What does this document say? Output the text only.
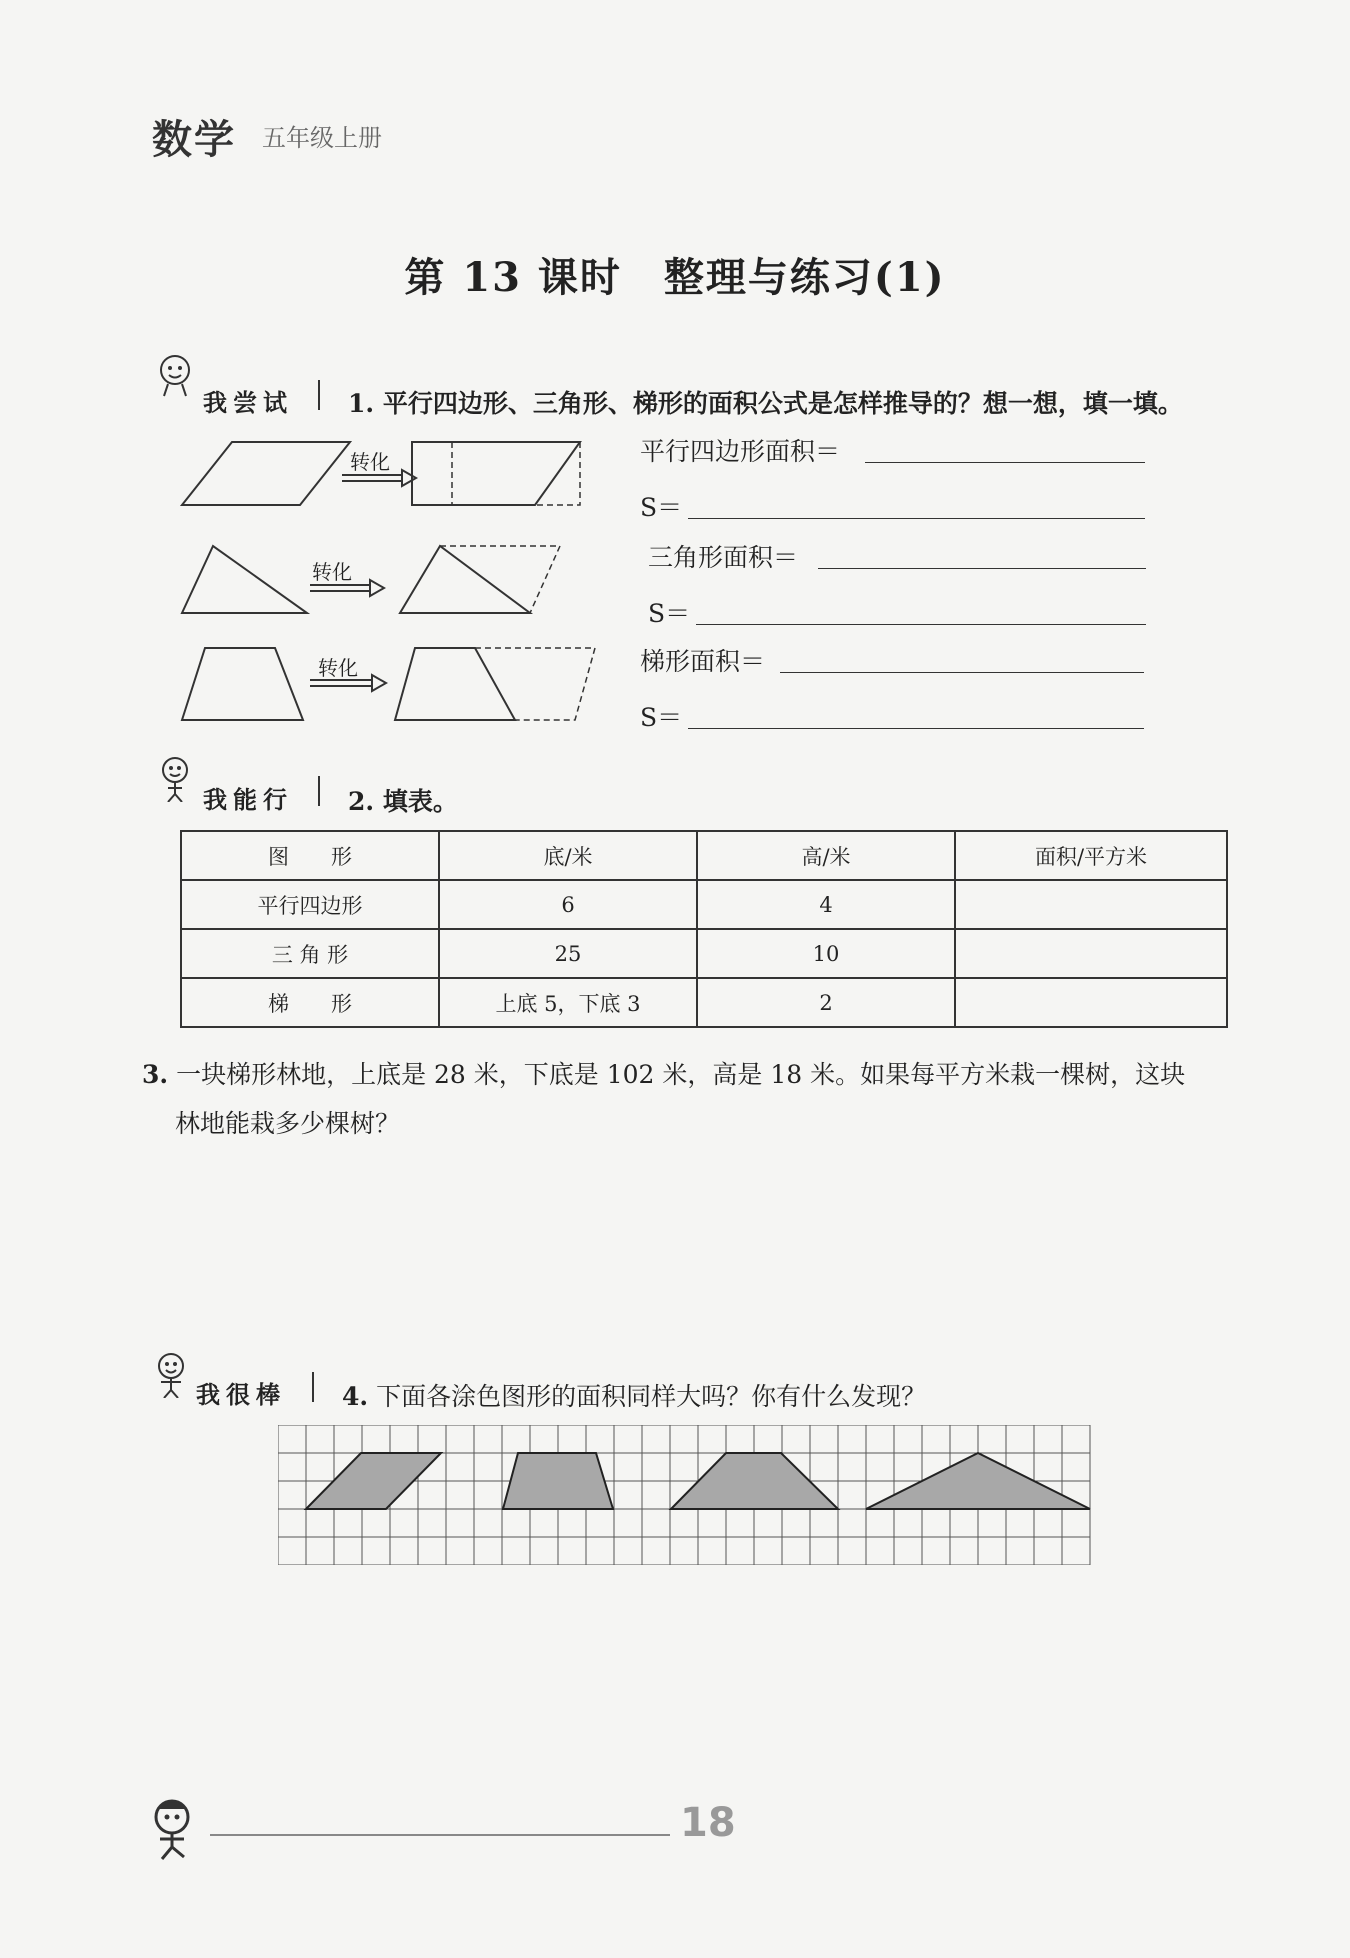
数学 五年级上册
第 13 课时　整理与练习(1)
我尝试 1. 平行四边形、三角形、梯形的面积公式是怎样推导的？想一想，填一填。
转化
转化
转化
平行四边形面积＝
S＝
三角形面积＝
S＝
梯形面积＝
S＝
我能行 2. 填表。
图　　形	底/米	高/米	面积/平方米
平行四边形	6	4	
三 角 形	25	10	
梯　　形	上底 5，下底 3	2	
3. 一块梯形林地，上底是 28 米，下底是 102 米，高是 18 米。如果每平方米栽一棵树，这块
林地能栽多少棵树？
我很棒 4. 下面各涂色图形的面积同样大吗？你有什么发现？
18
